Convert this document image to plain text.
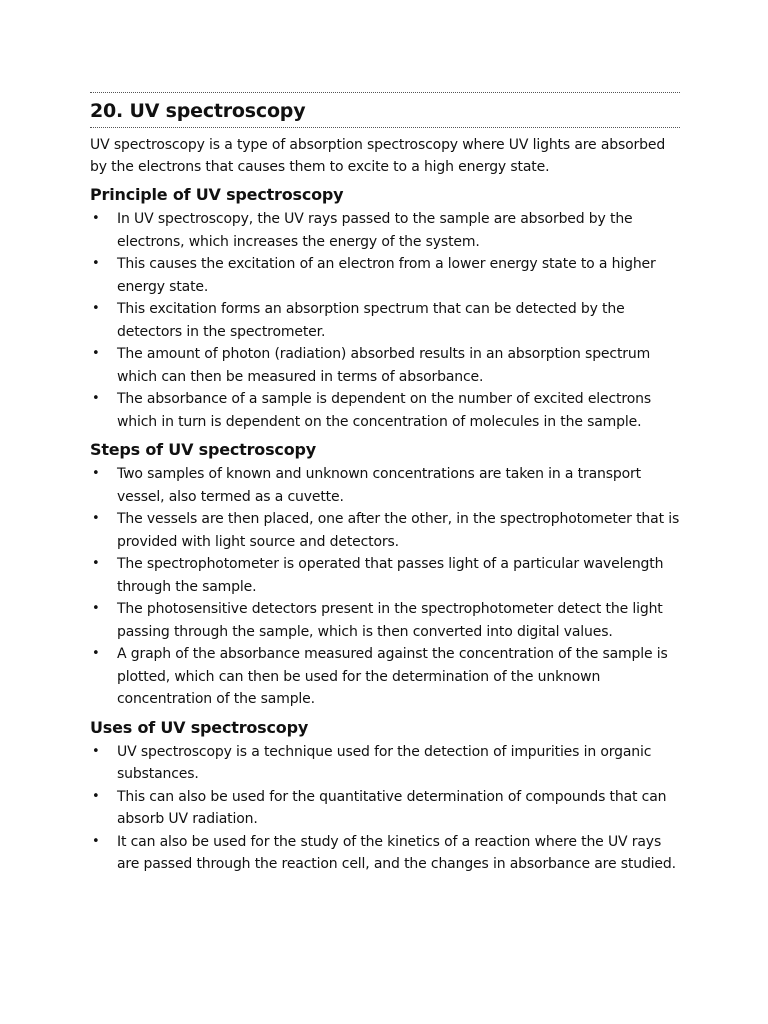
20. UV spectroscopy

UV spectroscopy is a type of absorption spectroscopy where UV lights are absorbed by the electrons that causes them to excite to a high energy state.

Principle of UV spectroscopy
• In UV spectroscopy, the UV rays passed to the sample are absorbed by the electrons, which increases the energy of the system.
• This causes the excitation of an electron from a lower energy state to a higher energy state.
• This excitation forms an absorption spectrum that can be detected by the detectors in the spectrometer.
• The amount of photon (radiation) absorbed results in an absorption spectrum which can then be measured in terms of absorbance.
• The absorbance of a sample is dependent on the number of excited electrons which in turn is dependent on the concentration of molecules in the sample.
Steps of UV spectroscopy
• Two samples of known and unknown concentrations are taken in a transport vessel, also termed as a cuvette.
• The vessels are then placed, one after the other, in the spectrophotometer that is provided with light source and detectors.
• The spectrophotometer is operated that passes light of a particular wavelength through the sample.
• The photosensitive detectors present in the spectrophotometer detect the light passing through the sample, which is then converted into digital values.
• A graph of the absorbance measured against the concentration of the sample is plotted, which can then be used for the determination of the unknown concentration of the sample.
Uses of UV spectroscopy
• UV spectroscopy is a technique used for the detection of impurities in organic substances.
• This can also be used for the quantitative determination of compounds that can absorb UV radiation.
• It can also be used for the study of the kinetics of a reaction where the UV rays are passed through the reaction cell, and the changes in absorbance are studied.
